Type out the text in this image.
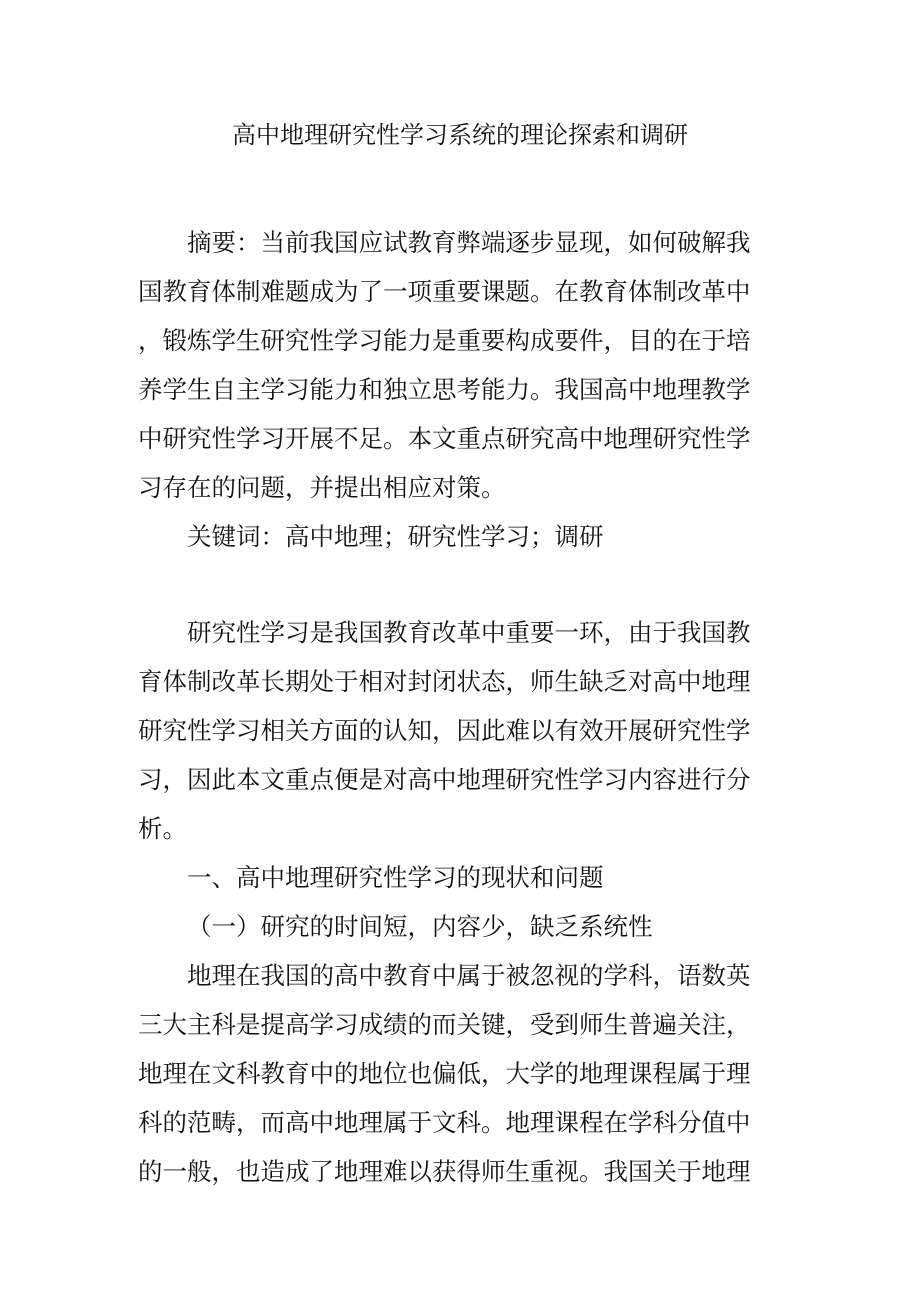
高中地理研究性学习系统的理论探索和调研
摘要：当前我国应试教育弊端逐步显现，如何破解我
国教育体制难题成为了一项重要课题。在教育体制改革中
，锻炼学生研究性学习能力是重要构成要件，目的在于培
养学生自主学习能力和独立思考能力。我国高中地理教学
中研究性学习开展不足。本文重点研究高中地理研究性学
习存在的问题，并提出相应对策。
关键词：高中地理；研究性学习；调研
研究性学习是我国教育改革中重要一环，由于我国教
育体制改革长期处于相对封闭状态，师生缺乏对高中地理
研究性学习相关方面的认知，因此难以有效开展研究性学
习，因此本文重点便是对高中地理研究性学习内容进行分
析。
一、高中地理研究性学习的现状和问题
（一）研究的时间短，内容少，缺乏系统性
地理在我国的高中教育中属于被忽视的学科，语数英
三大主科是提高学习成绩的而关键，受到师生普遍关注，
地理在文科教育中的地位也偏低，大学的地理课程属于理
科的范畴，而高中地理属于文科。地理课程在学科分值中
的一般，也造成了地理难以获得师生重视。我国关于地理
